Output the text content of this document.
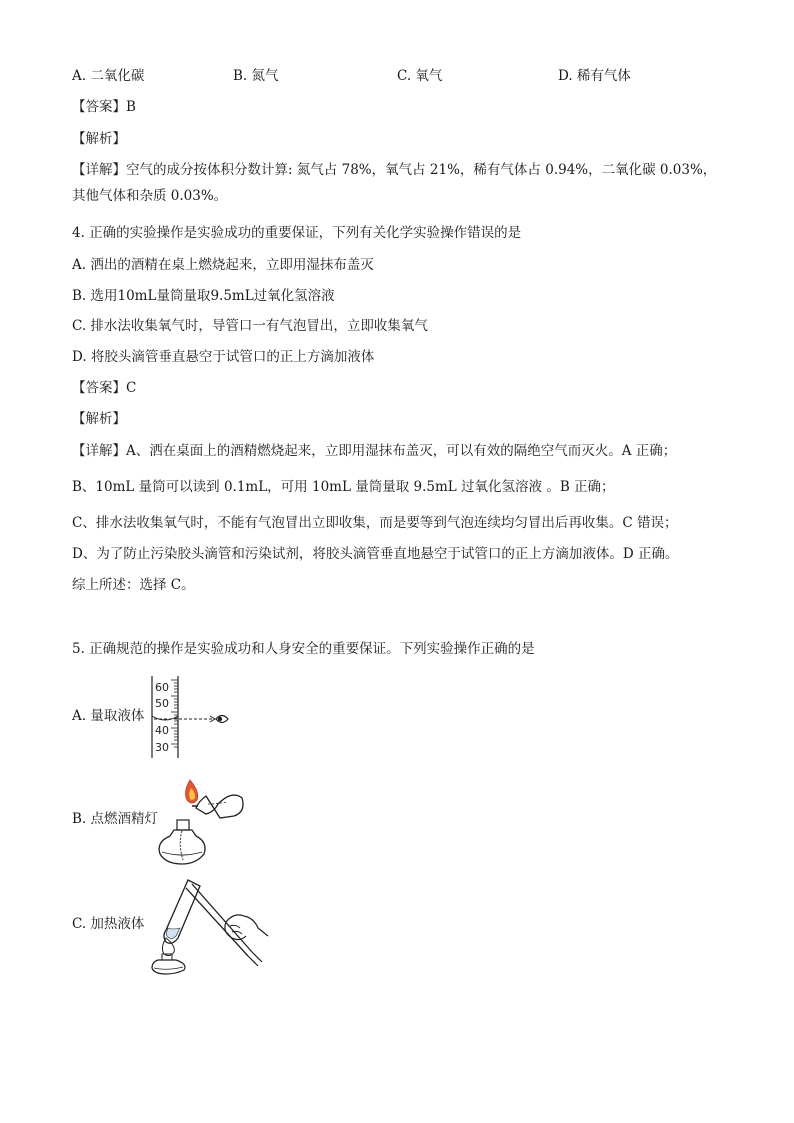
A. 二氧化碳	B. 氮气	C. 氧气	D. 稀有气体
【答案】B
【解析】
【详解】空气的成分按体积分数计算: 氮气占 78%，氧气占 21%，稀有气体占 0.94%，二氧化碳 0.03%，其他气体和杂质 0.03%。
4. 正确的实验操作是实验成功的重要保证，下列有关化学实验操作错误的是
A. 洒出的酒精在桌上燃烧起来，立即用湿抹布盖灭
B. 选用10mL量筒量取9.5mL过氧化氢溶液
C. 排水法收集氧气时，导管口一有气泡冒出，立即收集氧气
D. 将胶头滴管垂直悬空于试管口的正上方滴加液体
【答案】C
【解析】
【详解】A、洒在桌面上的酒精燃烧起来，立即用湿抹布盖灭，可以有效的隔绝空气而灭火。A 正确；
B、10mL 量筒可以读到 0.1mL，可用 10mL 量筒量取 9.5mL 过氧化氢溶液 。B 正确；
C、排水法收集氧气时，不能有气泡冒出立即收集，而是要等到气泡连续均匀冒出后再收集。C 错误；
D、为了防止污染胶头滴管和污染试剂，将胶头滴管垂直地悬空于试管口的正上方滴加液体。D 正确。
综上所述：选择 C。
5. 正确规范的操作是实验成功和人身安全的重要保证。下列实验操作正确的是
A. 量取液体
B. 点燃酒精灯
C. 加热液体
60
50
40
30
